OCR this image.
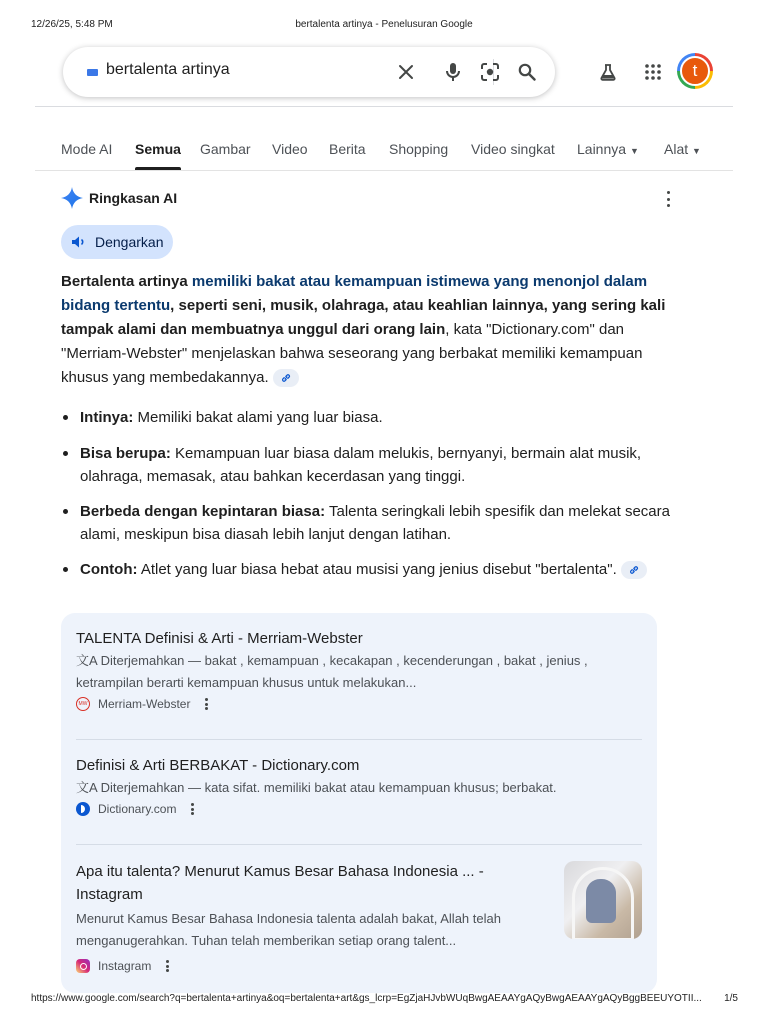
12/26/25, 5:48 PM	bertalenta artinya - Penelusuran Google
bertalenta artinya	t
Mode AI Semua Gambar Video Berita Shopping Video singkat Lainnya ▼ Alat ▼
Ringkasan AI
Dengarkan
Bertalenta artinya memiliki bakat atau kemampuan istimewa yang menonjol dalam bidang tertentu, seperti seni, musik, olahraga, atau keahlian lainnya, yang sering kali tampak alami dan membuatnya unggul dari orang lain, kata "Dictionary.com" dan "Merriam-Webster" menjelaskan bahwa seseorang yang berbakat memiliki kemampuan khusus yang membedakannya.
Intinya: Memiliki bakat alami yang luar biasa.
Bisa berupa: Kemampuan luar biasa dalam melukis, bernyanyi, bermain alat musik, olahraga, memasak, atau bahkan kecerdasan yang tinggi.
Berbeda dengan kepintaran biasa: Talenta seringkali lebih spesifik dan melekat secara alami, meskipun bisa diasah lebih lanjut dengan latihan.
Contoh: Atlet yang luar biasa hebat atau musisi yang jenius disebut "bertalenta".
TALENTA Definisi & Arti - Merriam-Webster
文A Diterjemahkan — bakat , kemampuan , kecakapan , kecenderungan , bakat , jenius , ketrampilan berarti kemampuan khusus untuk melakukan...
MW Merriam-Webster
Definisi & Arti BERBAKAT - Dictionary.com
文A Diterjemahkan — kata sifat. memiliki bakat atau kemampuan khusus; berbakat.
Dictionary.com
Apa itu talenta? Menurut Kamus Besar Bahasa Indonesia ... - Instagram
Menurut Kamus Besar Bahasa Indonesia talenta adalah bakat, Allah telah menganugerahkan. Tuhan telah memberikan setiap orang talent...
Instagram
https://www.google.com/search?q=bertalenta+artinya&oq=bertalenta+art&gs_lcrp=EgZjaHJvbWUqBwgAEAAYgAQyBwgAEAAYgAQyBggBEEUYOTII...	1/5
